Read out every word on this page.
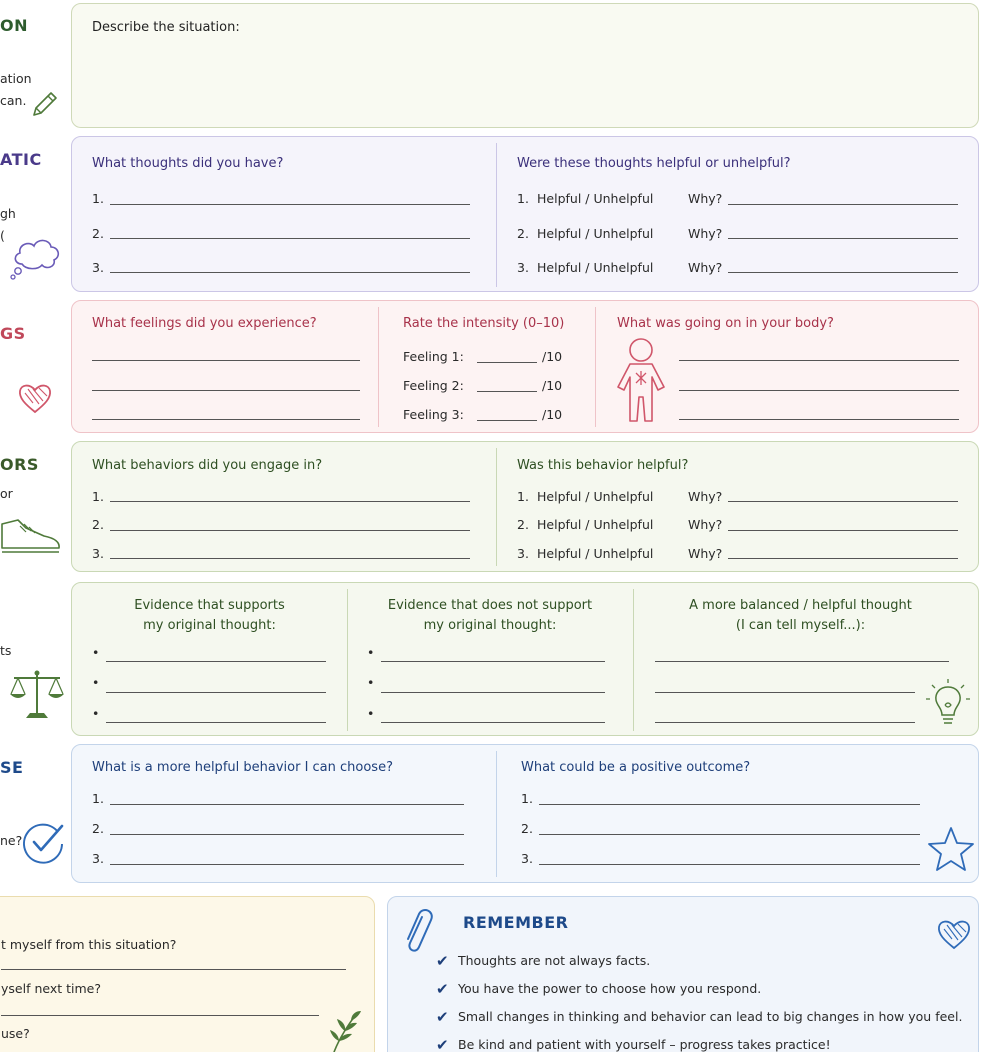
ON
ation
can.
Describe the situation:
ATIC
gh
(
What thoughts did you have?	Were these thoughts helpful or unhelpful?
1.
2.
3.
1. Helpful / Unhelpful	Why?
2. Helpful / Unhelpful	Why?
3. Helpful / Unhelpful	Why?
GS
What feelings did you experience?	Rate the intensity (0–10)
Feeling 1:	/10
Feeling 2:	/10
Feeling 3:	/10
What was going on in your body?
ORS
or
What behaviors did you engage in?	Was this behavior helpful?
1.
2.
3.
1. Helpful / Unhelpful	Why?
2. Helpful / Unhelpful	Why?
3. Helpful / Unhelpful	Why?
ts
Evidence that supports
my original thought:
Evidence that does not support
my original thought:
A more balanced / helpful thought
(I can tell myself...):
•
•
•
•
•
•
SE
ne?
What is a more helpful behavior I can choose?	What could be a positive outcome?
1.
2.
3.
1.
2.
3.
t myself from this situation?
yself next time?
use?
REMEMBER
✔ Thoughts are not always facts.
✔ You have the power to choose how you respond.
✔ Small changes in thinking and behavior can lead to big changes in how you feel.
✔ Be kind and patient with yourself – progress takes practice!
